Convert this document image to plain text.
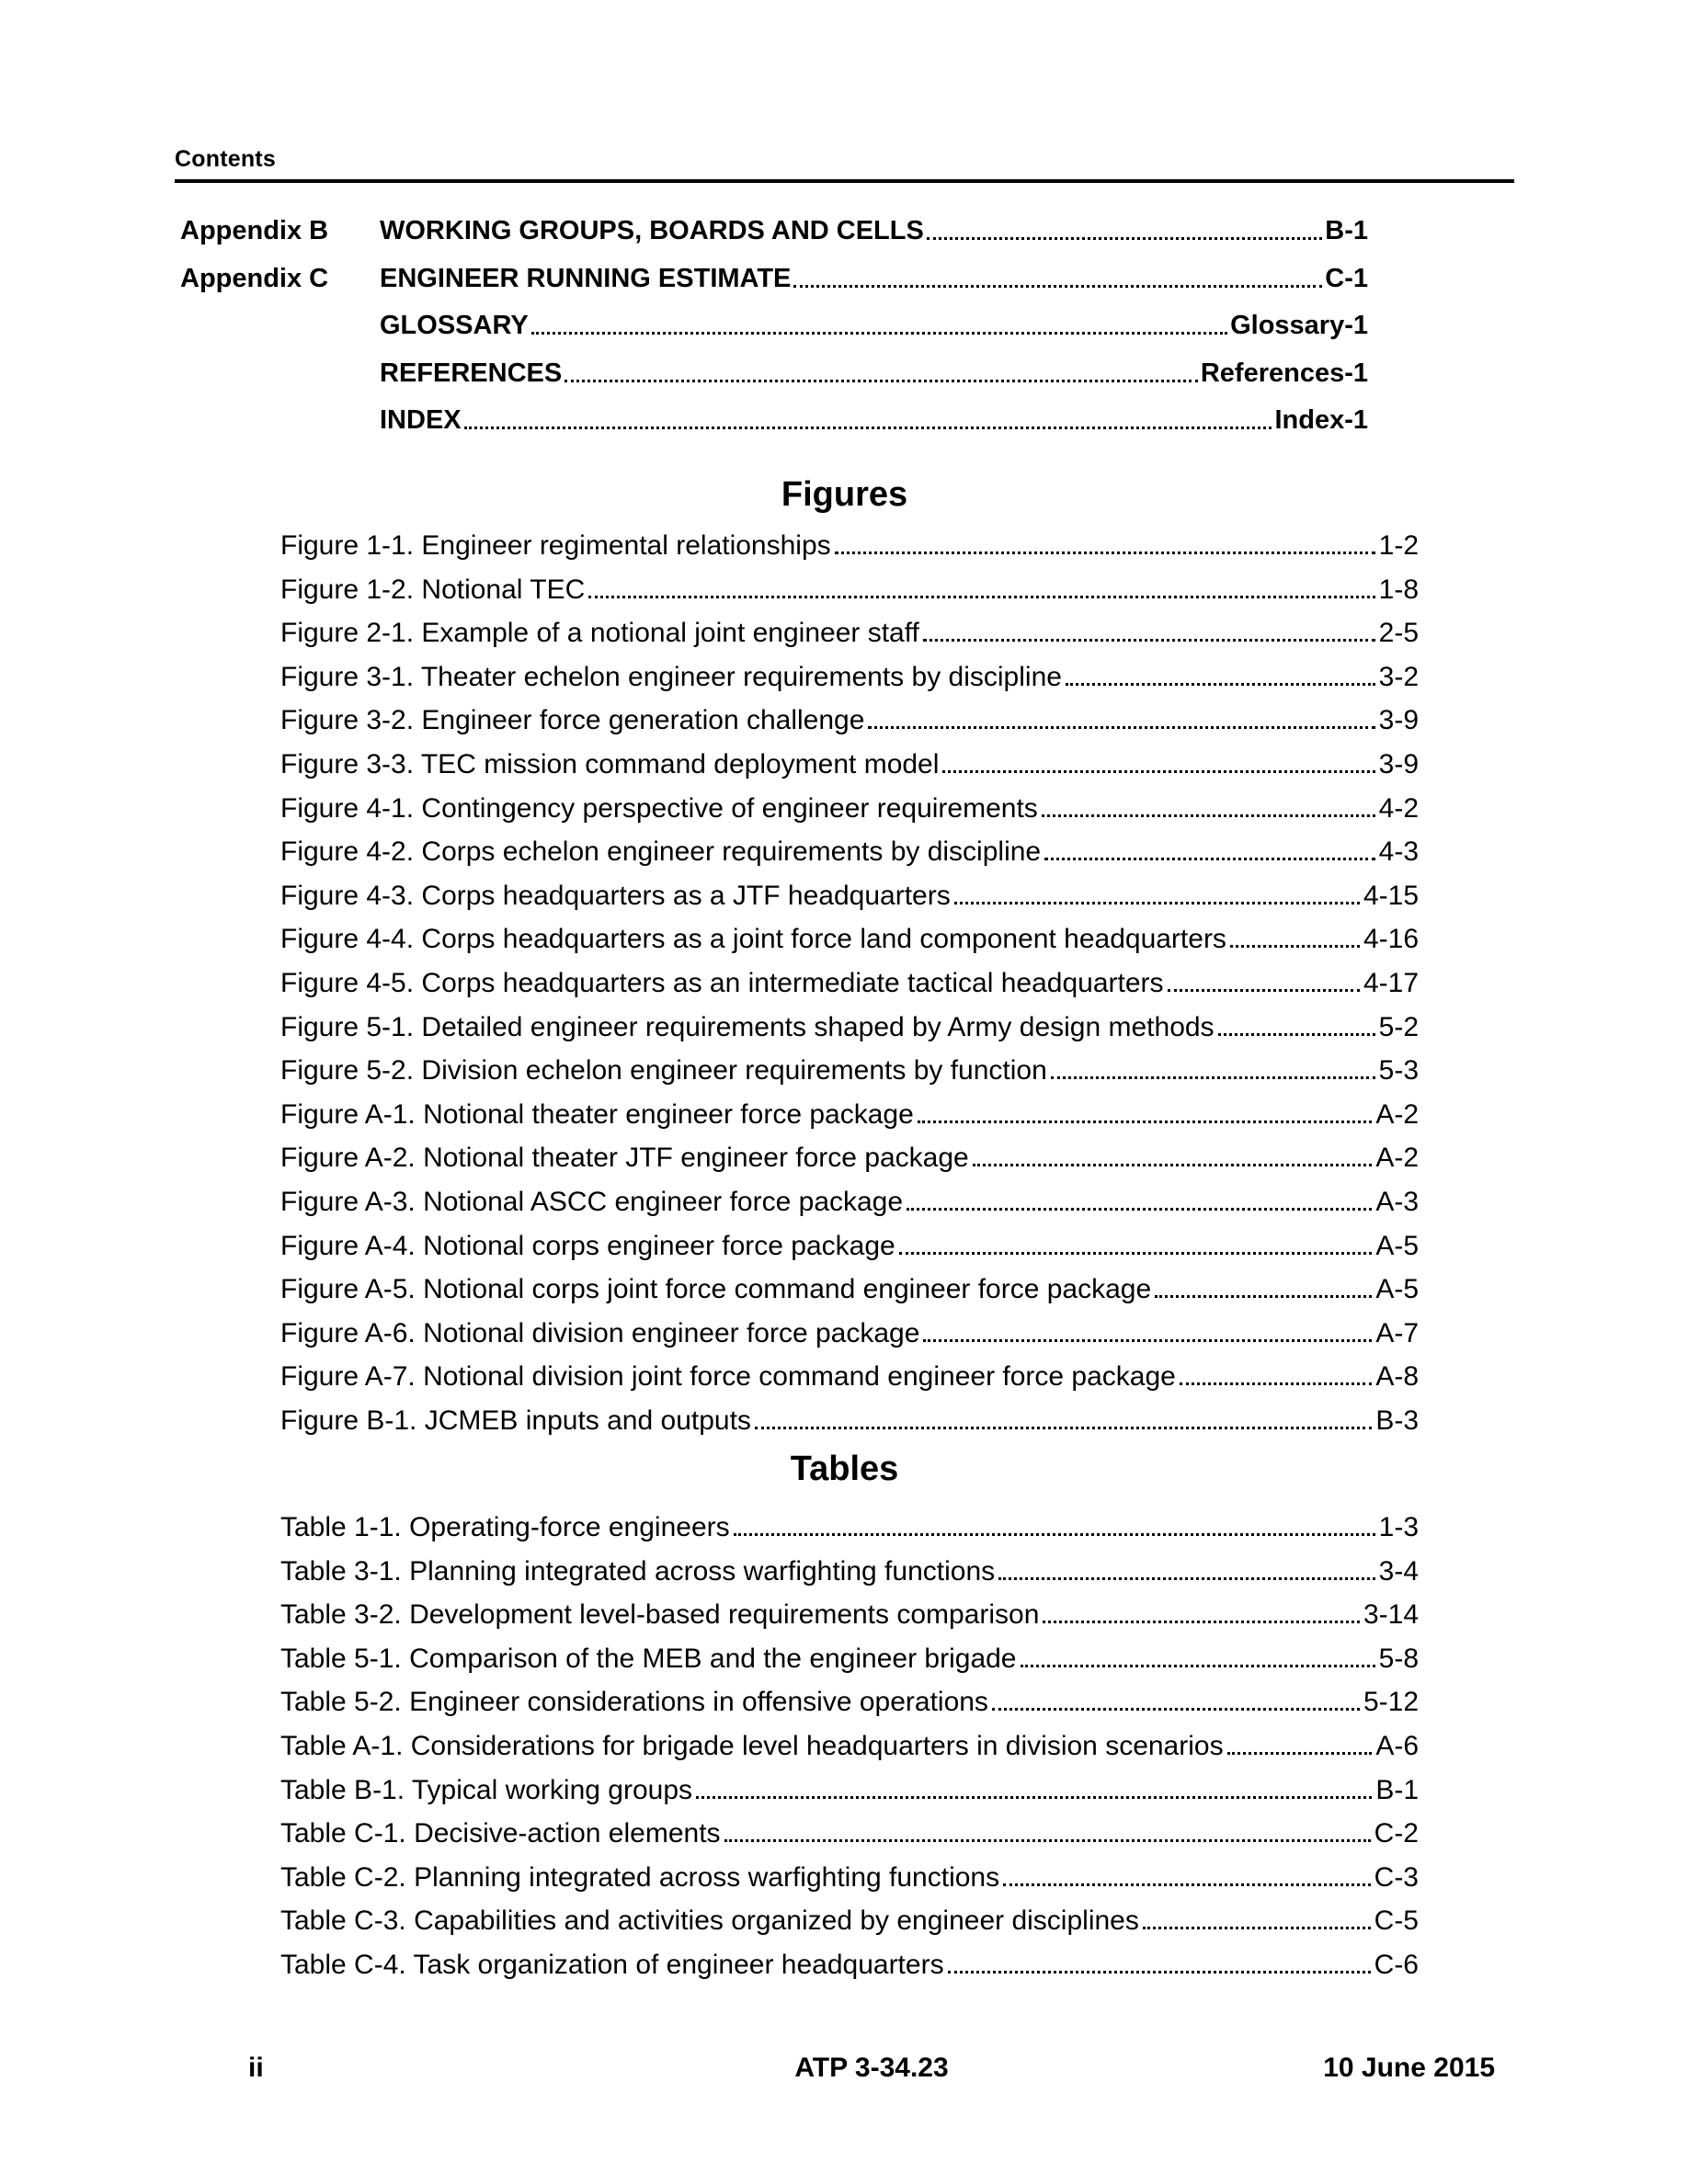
Contents
Appendix B	WORKING GROUPS, BOARDS AND CELLS	B-1
Appendix C	ENGINEER RUNNING ESTIMATE	C-1
GLOSSARY	Glossary-1
REFERENCES	References-1
INDEX	Index-1
Figures
Figure 1-1. Engineer regimental relationships	1-2
Figure 1-2. Notional TEC	1-8
Figure 2-1. Example of a notional joint engineer staff	2-5
Figure 3-1. Theater echelon engineer requirements by discipline	3-2
Figure 3-2. Engineer force generation challenge	3-9
Figure 3-3. TEC mission command deployment model	3-9
Figure 4-1. Contingency perspective of engineer requirements	4-2
Figure 4-2. Corps echelon engineer requirements by discipline	4-3
Figure 4-3. Corps headquarters as a JTF headquarters	4-15
Figure 4-4. Corps headquarters as a joint force land component headquarters	4-16
Figure 4-5. Corps headquarters as an intermediate tactical headquarters	4-17
Figure 5-1. Detailed engineer requirements shaped by Army design methods	5-2
Figure 5-2. Division echelon engineer requirements by function	5-3
Figure A-1. Notional theater engineer force package	A-2
Figure A-2. Notional theater JTF engineer force package	A-2
Figure A-3. Notional ASCC engineer force package	A-3
Figure A-4. Notional corps engineer force package	A-5
Figure A-5. Notional corps joint force command engineer force package	A-5
Figure A-6. Notional division engineer force package	A-7
Figure A-7. Notional division joint force command engineer force package	A-8
Figure B-1. JCMEB inputs and outputs	B-3
Tables
Table 1-1. Operating-force engineers	1-3
Table 3-1. Planning integrated across warfighting functions	3-4
Table 3-2. Development level-based requirements comparison	3-14
Table 5-1. Comparison of the MEB and the engineer brigade	5-8
Table 5-2. Engineer considerations in offensive operations	5-12
Table A-1. Considerations for brigade level headquarters in division scenarios	A-6
Table B-1. Typical working groups	B-1
Table C-1. Decisive-action elements	C-2
Table C-2. Planning integrated across warfighting functions	C-3
Table C-3. Capabilities and activities organized by engineer disciplines	C-5
Table C-4. Task organization of engineer headquarters	C-6
ii	ATP 3-34.23	10 June 2015
